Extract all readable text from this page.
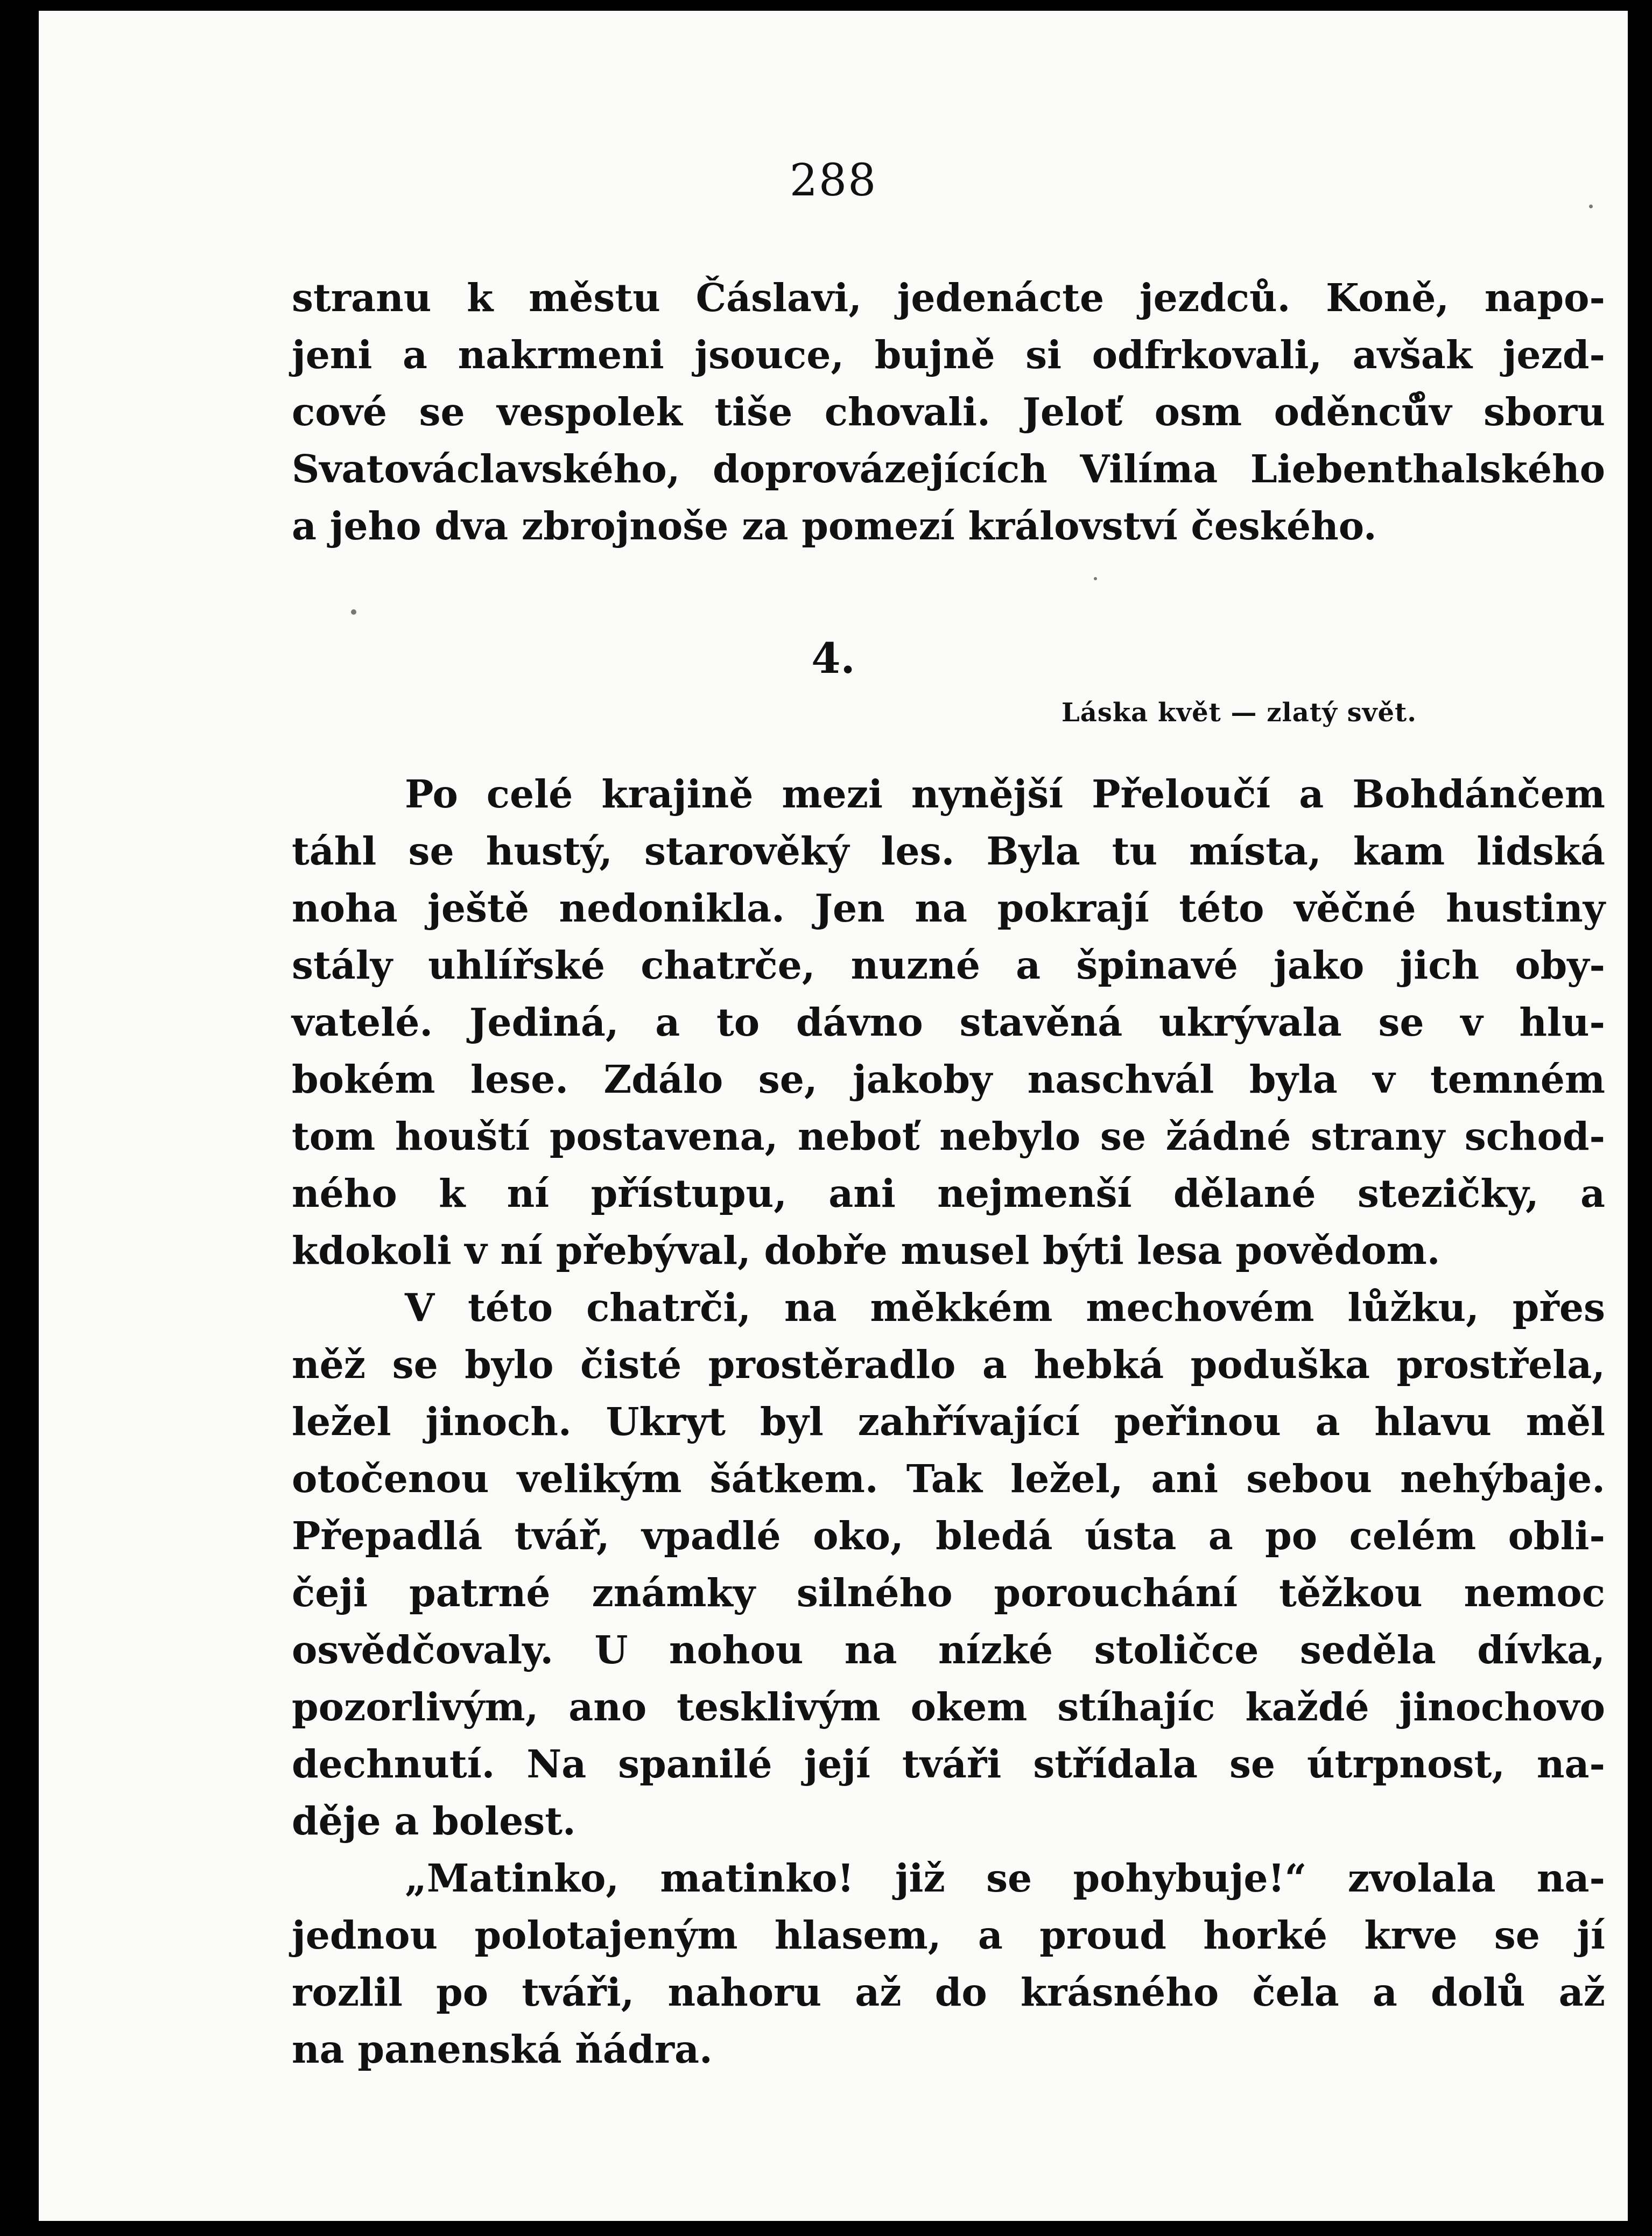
288
stranu k městu Čáslavi, jedenácte jezdců. Koně, napo-
jeni a nakrmeni jsouce, bujně si odfrkovali, avšak jezd-
cové se vespolek tiše chovali. Jeloť osm oděnců̊v sboru
Svatováclavského, doprovázejících Vilíma Liebenthalského
a jeho dva zbrojnoše za pomezí království českého.
4.
Láska květ — zlatý svět.
Po celé krajině mezi nynější Přeloučí a Bohdánčem
táhl se hustý, starověký les. Byla tu místa, kam lidská
noha ještě nedonikla. Jen na pokrají této věčné hustiny
stály uhlířské chatrče, nuzné a špinavé jako jich oby-
vatelé. Jediná, a to dávno stavěná ukrývala se v hlu-
bokém lese. Zdálo se, jakoby naschvál byla v temném
tom houští postavena, neboť nebylo se žádné strany schod-
ného k ní přístupu, ani nejmenší dělané stezičky, a
kdokoli v ní přebýval, dobře musel býti lesa povědom.
V této chatrči, na měkkém mechovém lůžku, přes
něž se bylo čisté prostěradlo a hebká poduška prostřela,
ležel jinoch. Ukryt byl zahřívající peřinou a hlavu měl
otočenou velikým šátkem. Tak ležel, ani sebou nehýbaje.
Přepadlá tvář, vpadlé oko, bledá ústa a po celém obli-
čeji patrné známky silného porouchání těžkou nemoc
osvědčovaly. U nohou na nízké stoličce seděla dívka,
pozorlivým, ano tesklivým okem stíhajíc každé jinochovo
dechnutí. Na spanilé její tváři střídala se útrpnost, na-
děje a bolest.
„Matinko, matinko! již se pohybuje!“ zvolala na-
jednou polotajeným hlasem, a proud horké krve se jí
rozlil po tváři, nahoru až do krásného čela a dolů až
na panenská ňádra.
